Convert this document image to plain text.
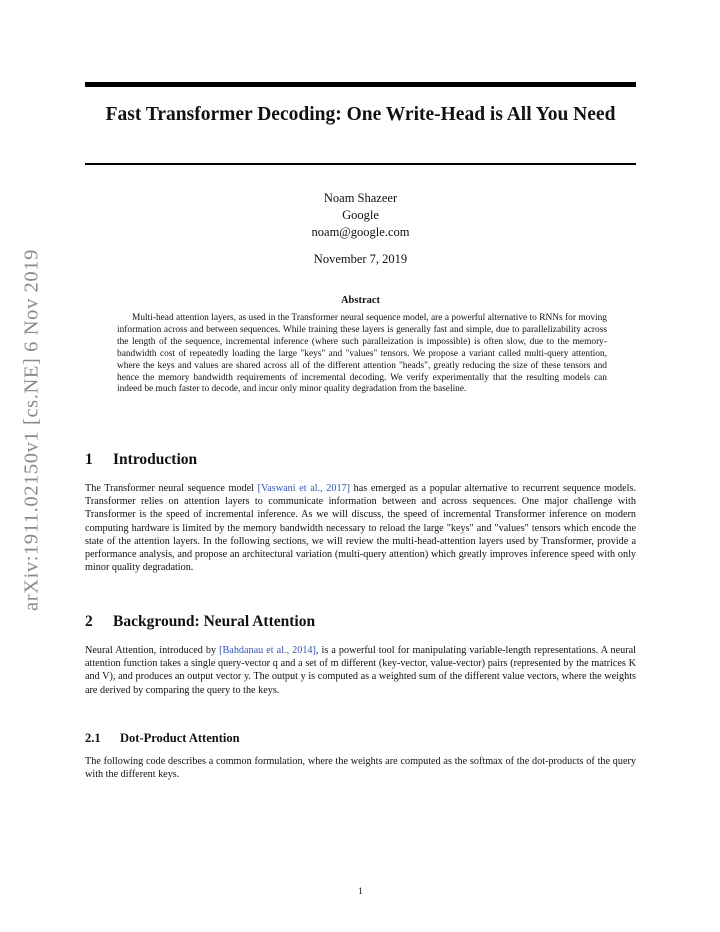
arXiv:1911.02150v1 [cs.NE] 6 Nov 2019
Fast Transformer Decoding: One Write-Head is All You Need
Noam Shazeer
Google
noam@google.com
November 7, 2019
Abstract
Multi-head attention layers, as used in the Transformer neural sequence model, are a powerful alternative to RNNs for moving information across and between sequences. While training these layers is generally fast and simple, due to parallelizability across the length of the sequence, incremental inference (where such paralleization is impossible) is often slow, due to the memory-bandwidth cost of repeatedly loading the large "keys" and "values" tensors. We propose a variant called multi-query attention, where the keys and values are shared across all of the different attention "heads", greatly reducing the size of these tensors and hence the memory bandwidth requirements of incremental decoding. We verify experimentally that the resulting models can indeed be much faster to decode, and incur only minor quality degradation from the baseline.
1 Introduction
The Transformer neural sequence model [Vaswani et al., 2017] has emerged as a popular alternative to recurrent sequence models. Transformer relies on attention layers to communicate information between and across sequences. One major challenge with Transformer is the speed of incremental inference. As we will discuss, the speed of incremental Transformer inference on modern computing hardware is limited by the memory bandwidth necessary to reload the large "keys" and "values" tensors which encode the state of the attention layers. In the following sections, we will review the multi-head-attention layers used by Transformer, provide a performance analysis, and propose an architectural variation (multi-query attention) which greatly improves inference speed with only minor quality degradation.
2 Background: Neural Attention
Neural Attention, introduced by [Bahdanau et al., 2014], is a powerful tool for manipulating variable-length representations. A neural attention function takes a single query-vector q and a set of m different (key-vector, value-vector) pairs (represented by the matrices K and V), and produces an output vector y. The output y is computed as a weighted sum of the different value vectors, where the weights are derived by comparing the query to the keys.
2.1 Dot-Product Attention
The following code describes a common formulation, where the weights are computed as the softmax of the dot-products of the query with the different keys.
1
